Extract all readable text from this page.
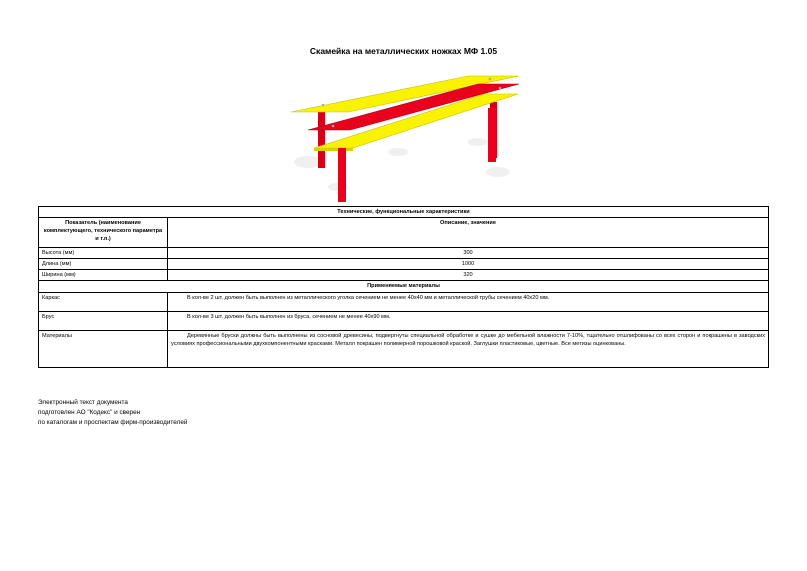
Скамейка на металлических ножках МФ 1.05
Технические, функциональные характеристики	
Показатель (наименование комплектующего, технического параметра и т.п.)	Описание, значение
Высота (мм)	300
Длина (мм)	1000
Ширина (мм)	320
Применяемые материалы	
Каркас	В кол-ве 2 шт. должен быть выполнен из металлического уголка сечением не менее 40х40 мм и металлической трубы сечением 40х20 мм.
Брус	В кол-ве 3 шт. должен быть выполнен из бруса, сечением не менее 40х90 мм.
Материалы	Деревянные бруски должны быть выполнены из сосновой древесины, подвергнуты специальной обработке и сушке до мебельной влажности 7-10%, тщательно отшлифованы со всех сторон и покрашены в заводских условиях профессиональными двухкомпонентными красками. Металл покрашен полимерной порошковой краской. Заглушки пластиковые, цветные. Все метизы оцинкованы.
Электронный текст документа
подготовлен АО "Кодекс" и сверен
по каталогам и проспектам фирм-производителей
